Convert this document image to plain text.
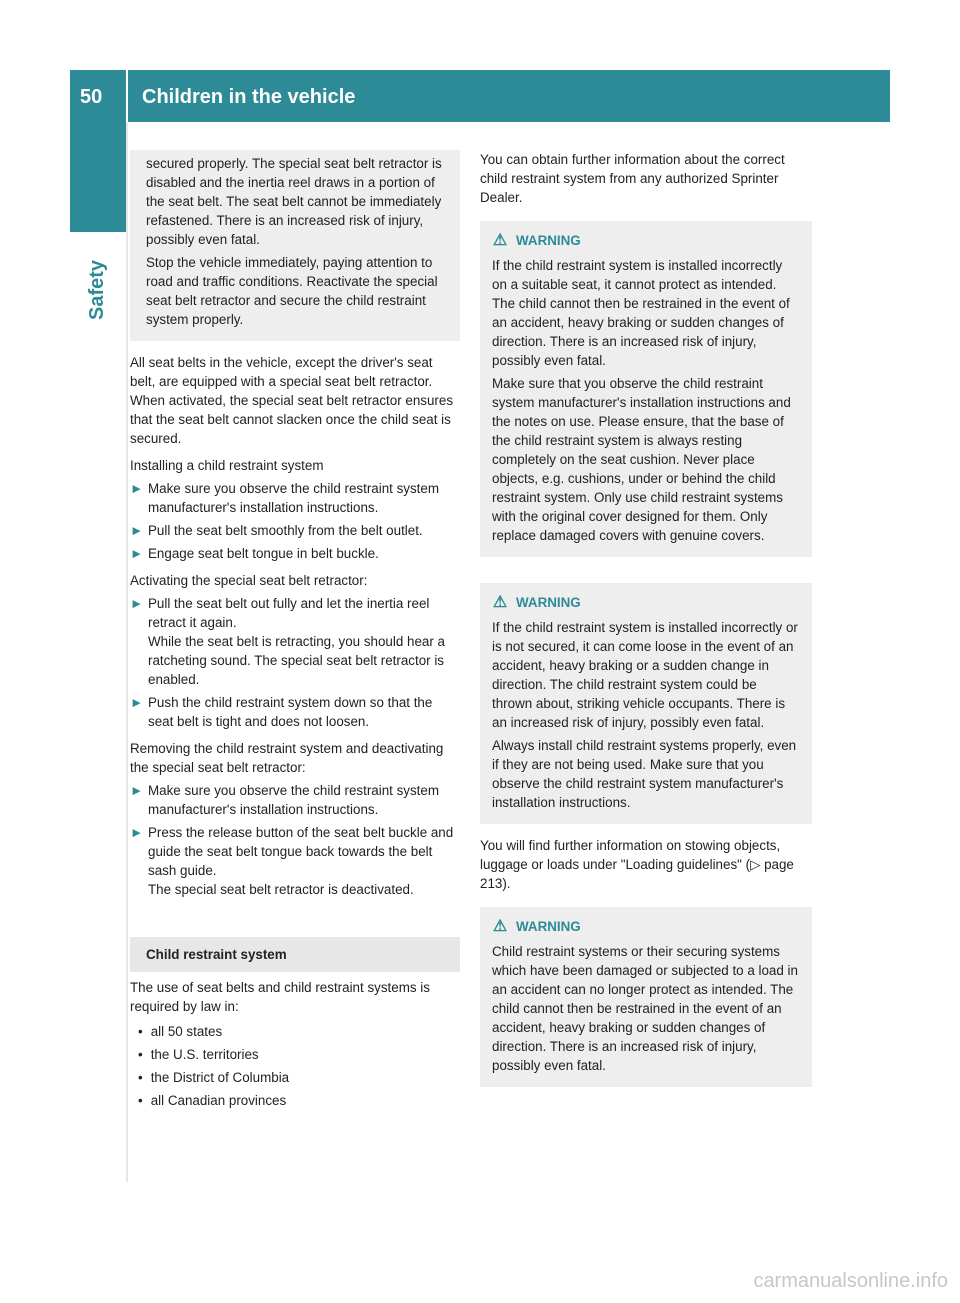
50 Children in the vehicle
Safety

secured properly. The special seat belt retractor is disabled and the inertia reel draws in a portion of the seat belt. The seat belt cannot be immediately refastened. There is an increased risk of injury, possibly even fatal.

Stop the vehicle immediately, paying attention to road and traffic conditions. Reactivate the special seat belt retractor and secure the child restraint system properly.

All seat belts in the vehicle, except the driver's seat belt, are equipped with a special seat belt retractor. When activated, the special seat belt retractor ensures that the seat belt cannot slacken once the child seat is secured.

Installing a child restraint system

► Make sure you observe the child restraint system manufacturer's installation instructions.
► Pull the seat belt smoothly from the belt outlet.
► Engage seat belt tongue in belt buckle.

Activating the special seat belt retractor:

► Pull the seat belt out fully and let the inertia reel retract it again.
While the seat belt is retracting, you should hear a ratcheting sound. The special seat belt retractor is enabled.
► Push the child restraint system down so that the seat belt is tight and does not loosen.

Removing the child restraint system and deactivating the special seat belt retractor:

► Make sure you observe the child restraint system manufacturer's installation instructions.
► Press the release button of the seat belt buckle and guide the seat belt tongue back towards the belt sash guide.
The special seat belt retractor is deactivated.
Child restraint system

The use of seat belts and child restraint systems is required by law in:

• all 50 states
• the U.S. territories
• the District of Columbia
• all Canadian provinces

You can obtain further information about the correct child restraint system from any authorized Sprinter Dealer.

⚠ WARNING

If the child restraint system is installed incorrectly on a suitable seat, it cannot protect as intended. The child cannot then be restrained in the event of an accident, heavy braking or sudden changes of direction. There is an increased risk of injury, possibly even fatal.

Make sure that you observe the child restraint system manufacturer's installation instructions and the notes on use. Please ensure, that the base of the child restraint system is always resting completely on the seat cushion. Never place objects, e.g. cushions, under or behind the child restraint system. Only use child restraint systems with the original cover designed for them. Only replace damaged covers with genuine covers.

⚠ WARNING

If the child restraint system is installed incorrectly or is not secured, it can come loose in the event of an accident, heavy braking or a sudden change in direction. The child restraint system could be thrown about, striking vehicle occupants. There is an increased risk of injury, possibly even fatal.

Always install child restraint systems properly, even if they are not being used. Make sure that you observe the child restraint system manufacturer's installation instructions.

You will find further information on stowing objects, luggage or loads under "Loading guidelines" (▷ page 213).

⚠ WARNING

Child restraint systems or their securing systems which have been damaged or subjected to a load in an accident can no longer protect as intended. The child cannot then be restrained in the event of an accident, heavy braking or sudden changes of direction. There is an increased risk of injury, possibly even fatal.

carmanualsonline.info
